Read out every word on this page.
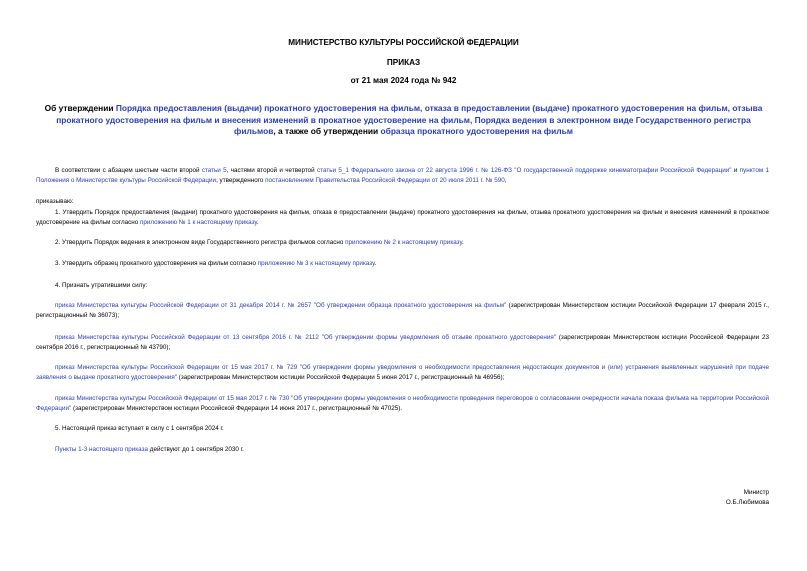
МИНИСТЕРСТВО КУЛЬТУРЫ РОССИЙСКОЙ ФЕДЕРАЦИИ
ПРИКАЗ
от 21 мая 2024 года № 942
Об утверждении Порядка предоставления (выдачи) прокатного удостоверения на фильм, отказа в предоставлении (выдаче) прокатного удостоверения на фильм, отзыва прокатного удостоверения на фильм и внесения изменений в прокатное удостоверение на фильм, Порядка ведения в электронном виде Государственного регистра фильмов, а также об утверждении образца прокатного удостоверения на фильм
В соответствии с абзацем шестым части второй статьи 5, частями второй и четвертой статьи 5_1 Федерального закона от 22 августа 1996 г. № 126-ФЗ "О государственной поддержке кинематографии Российской Федерации" и пунктом 1 Положения о Министерстве культуры Российской Федерации, утвержденного постановлением Правительства Российской Федерации от 20 июля 2011 г. № 590,
приказываю:
1. Утвердить Порядок предоставления (выдачи) прокатного удостоверения на фильм, отказа в предоставлении (выдаче) прокатного удостоверения на фильм, отзыва прокатного удостоверения на фильм и внесения изменений в прокатное удостоверение на фильм согласно приложению № 1 к настоящему приказу.
2. Утвердить Порядок ведения в электронном виде Государственного регистра фильмов согласно приложению № 2 к настоящему приказу.
3. Утвердить образец прокатного удостоверения на фильм согласно приложению № 3 к настоящему приказу.
4. Признать утратившими силу:
приказ Министерства культуры Российской Федерации от 31 декабря 2014 г. № 2657 "Об утверждении образца прокатного удостоверения на фильм" (зарегистрирован Министерством юстиции Российской Федерации 17 февраля 2015 г., регистрационный № 36073);
приказ Министерства культуры Российской Федерации от 13 сентября 2016 г. № 2112 "Об утверждении формы уведомления об отзыве прокатного удостоверения" (зарегистрирован Министерством юстиции Российской Федерации 23 сентября 2016 г., регистрационный № 43790);
приказ Министерства культуры Российской Федерации от 15 мая 2017 г. № 729 "Об утверждении формы уведомления о необходимости предоставления недостающих документов и (или) устранения выявленных нарушений при подаче заявления о выдаче прокатного удостоверения" (зарегистрирован Министерством юстиции Российской Федерации 5 июня 2017 г., регистрационный № 46956);
приказ Министерства культуры Российской Федерации от 15 мая 2017 г. № 730 "Об утверждении формы уведомления о необходимости проведения переговоров о согласовании очередности начала показа фильма на территории Российской Федерации" (зарегистрирован Министерством юстиции Российской Федерации 14 июня 2017 г., регистрационный № 47025).
5. Настоящий приказ вступает в силу с 1 сентября 2024 г.
Пункты 1-3 настоящего приказа действуют до 1 сентября 2030 г.
Министр
О.Б.Любимова
